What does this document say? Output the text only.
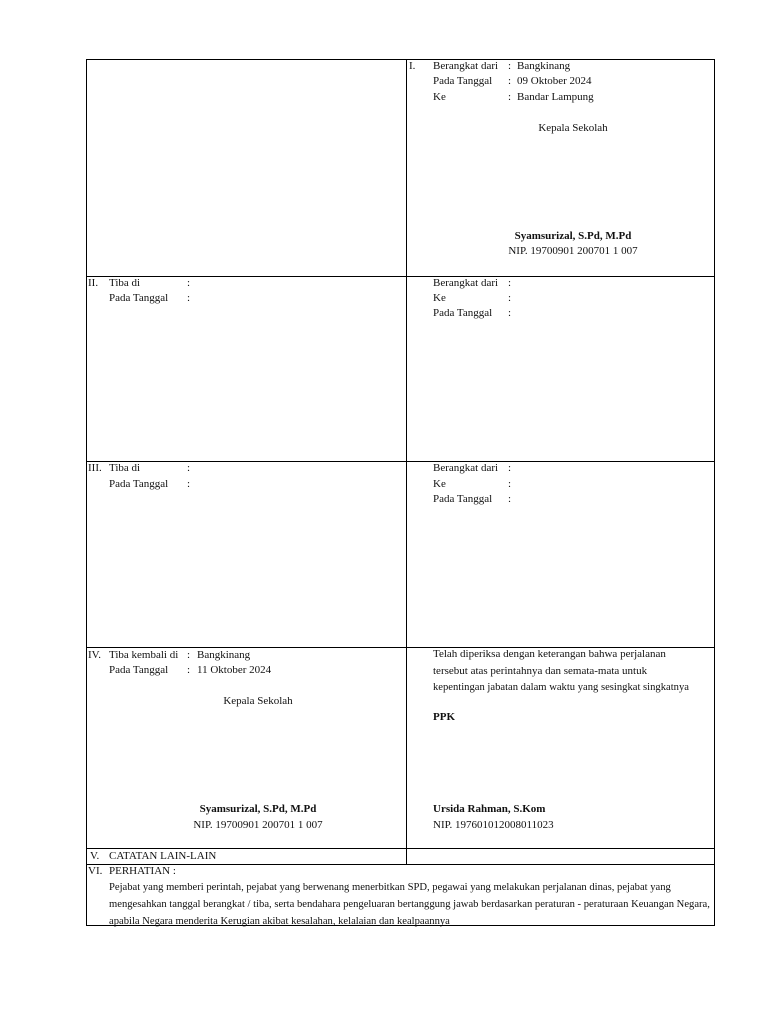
I. Berangkat dari : Bangkinang
Pada Tanggal : 09 Oktober 2024
Ke	: Bandar Lampung
Kepala Sekolah
Syamsurizal, S.Pd, M.Pd
NIP. 19700901 200701 1 007
II. Tiba di	:
Pada Tanggal :
Berangkat dari :
Ke	:
Pada Tanggal :
III. Tiba di	:
Pada Tanggal :
Berangkat dari :
Ke	:
Pada Tanggal :
IV. Tiba kembali di : Bangkinang
Pada Tanggal : 11 Oktober 2024
Kepala Sekolah
Syamsurizal, S.Pd, M.Pd
NIP. 19700901 200701 1 007
Telah diperiksa dengan keterangan bahwa perjalanan
tersebut atas perintahnya dan semata-mata untuk
kepentingan jabatan dalam waktu yang sesingkat singkatnya
PPK
Ursida Rahman, S.Kom
NIP. 197601012008011023
V. CATATAN LAIN-LAIN
VI. PERHATIAN :
Pejabat yang memberi perintah, pejabat yang berwenang menerbitkan SPD, pegawai yang melakukan perjalanan dinas, pejabat yang mengesahkan tanggal berangkat / tiba, serta bendahara pengeluaran bertanggung jawab berdasarkan peraturan - peraturaan Keuangan Negara, apabila Negara menderita Kerugian akibat kesalahan, kelalaian dan kealpaannya
